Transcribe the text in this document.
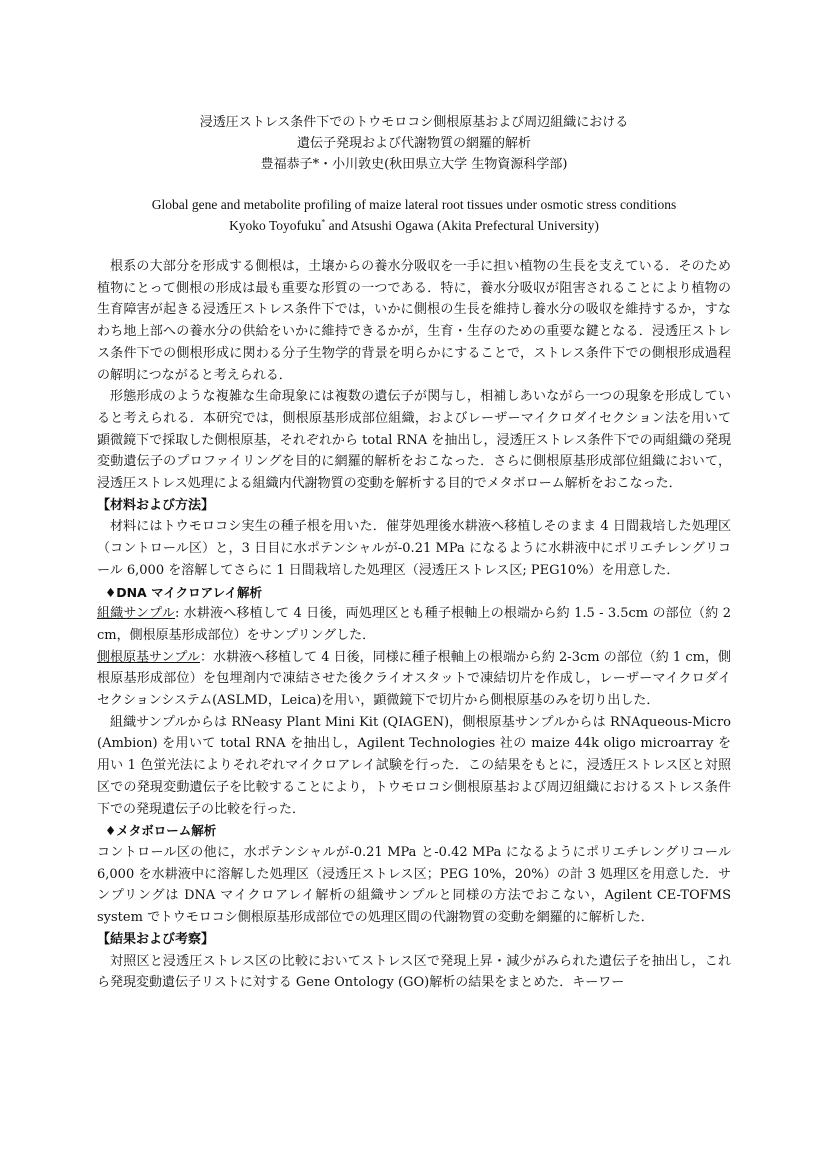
浸透圧ストレス条件下でのトウモロコシ側根原基および周辺組織における
遺伝子発現および代謝物質の網羅的解析
豊福恭子*・小川敦史(秋田県立大学 生物資源科学部)
Global gene and metabolite profiling of maize lateral root tissues under osmotic stress conditions
Kyoko Toyofuku* and Atsushi Ogawa (Akita Prefectural University)

根系の大部分を形成する側根は，土壌からの養水分吸収を一手に担い植物の生長を支えている．そのため植物にとって側根の形成は最も重要な形質の一つである．特に，養水分吸収が阻害されることにより植物の生育障害が起きる浸透圧ストレス条件下では，いかに側根の生長を維持し養水分の吸収を維持するか，すなわち地上部への養水分の供給をいかに維持できるかが，生育・生存のための重要な鍵となる．浸透圧ストレス条件下での側根形成に関わる分子生物学的背景を明らかにすることで，ストレス条件下での側根形成過程の解明につながると考えられる．

形態形成のような複雑な生命現象には複数の遺伝子が関与し，相補しあいながら一つの現象を形成していると考えられる．本研究では，側根原基形成部位組織，およびレーザーマイクロダイセクション法を用いて顕微鏡下で採取した側根原基，それぞれから total RNA を抽出し，浸透圧ストレス条件下での両組織の発現変動遺伝子のプロファイリングを目的に網羅的解析をおこなった．さらに側根原基形成部位組織において，浸透圧ストレス処理による組織内代謝物質の変動を解析する目的でメタボローム解析をおこなった．

【材料および方法】

材料にはトウモロコシ実生の種子根を用いた．催芽処理後水耕液へ移植しそのまま 4 日間栽培した処理区（コントロール区）と，3 日目に水ポテンシャルが-0.21 MPa になるように水耕液中にポリエチレングリコール 6,000 を溶解してさらに 1 日間栽培した処理区（浸透圧ストレス区; PEG10%）を用意した．

♦DNA マイクロアレイ解析

組織サンプル: 水耕液へ移植して 4 日後，両処理区とも種子根軸上の根端から約 1.5 - 3.5cm の部位（約 2 cm，側根原基形成部位）をサンプリングした．

側根原基サンプル：水耕液へ移植して 4 日後，同様に種子根軸上の根端から約 2-3cm の部位（約 1 cm，側根原基形成部位）を包埋剤内で凍結させた後クライオスタットで凍結切片を作成し，レーザーマイクロダイセクションシステム(ASLMD，Leica)を用い，顕微鏡下で切片から側根原基のみを切り出した．

組織サンプルからは RNeasy Plant Mini Kit (QIAGEN)，側根原基サンプルからは RNAqueous-Micro (Ambion) を用いて total RNA を抽出し，Agilent Technologies 社の maize 44k oligo microarray を用い 1 色蛍光法によりそれぞれマイクロアレイ試験を行った．この結果をもとに，浸透圧ストレス区と対照区での発現変動遺伝子を比較することにより，トウモロコシ側根原基および周辺組織におけるストレス条件下での発現遺伝子の比較を行った．

♦メタボローム解析

コントロール区の他に，水ポテンシャルが-0.21 MPa と-0.42 MPa になるようにポリエチレングリコール 6,000 を水耕液中に溶解した処理区（浸透圧ストレス区；PEG 10%，20%）の計 3 処理区を用意した．サンプリングは DNA マイクロアレイ解析の組織サンプルと同様の方法でおこない，Agilent CE-TOFMS system でトウモロコシ側根原基形成部位での処理区間の代謝物質の変動を網羅的に解析した．

【結果および考察】

対照区と浸透圧ストレス区の比較においてストレス区で発現上昇・減少がみられた遺伝子を抽出し，これら発現変動遺伝子リストに対する Gene Ontology (GO)解析の結果をまとめた．キーワー
